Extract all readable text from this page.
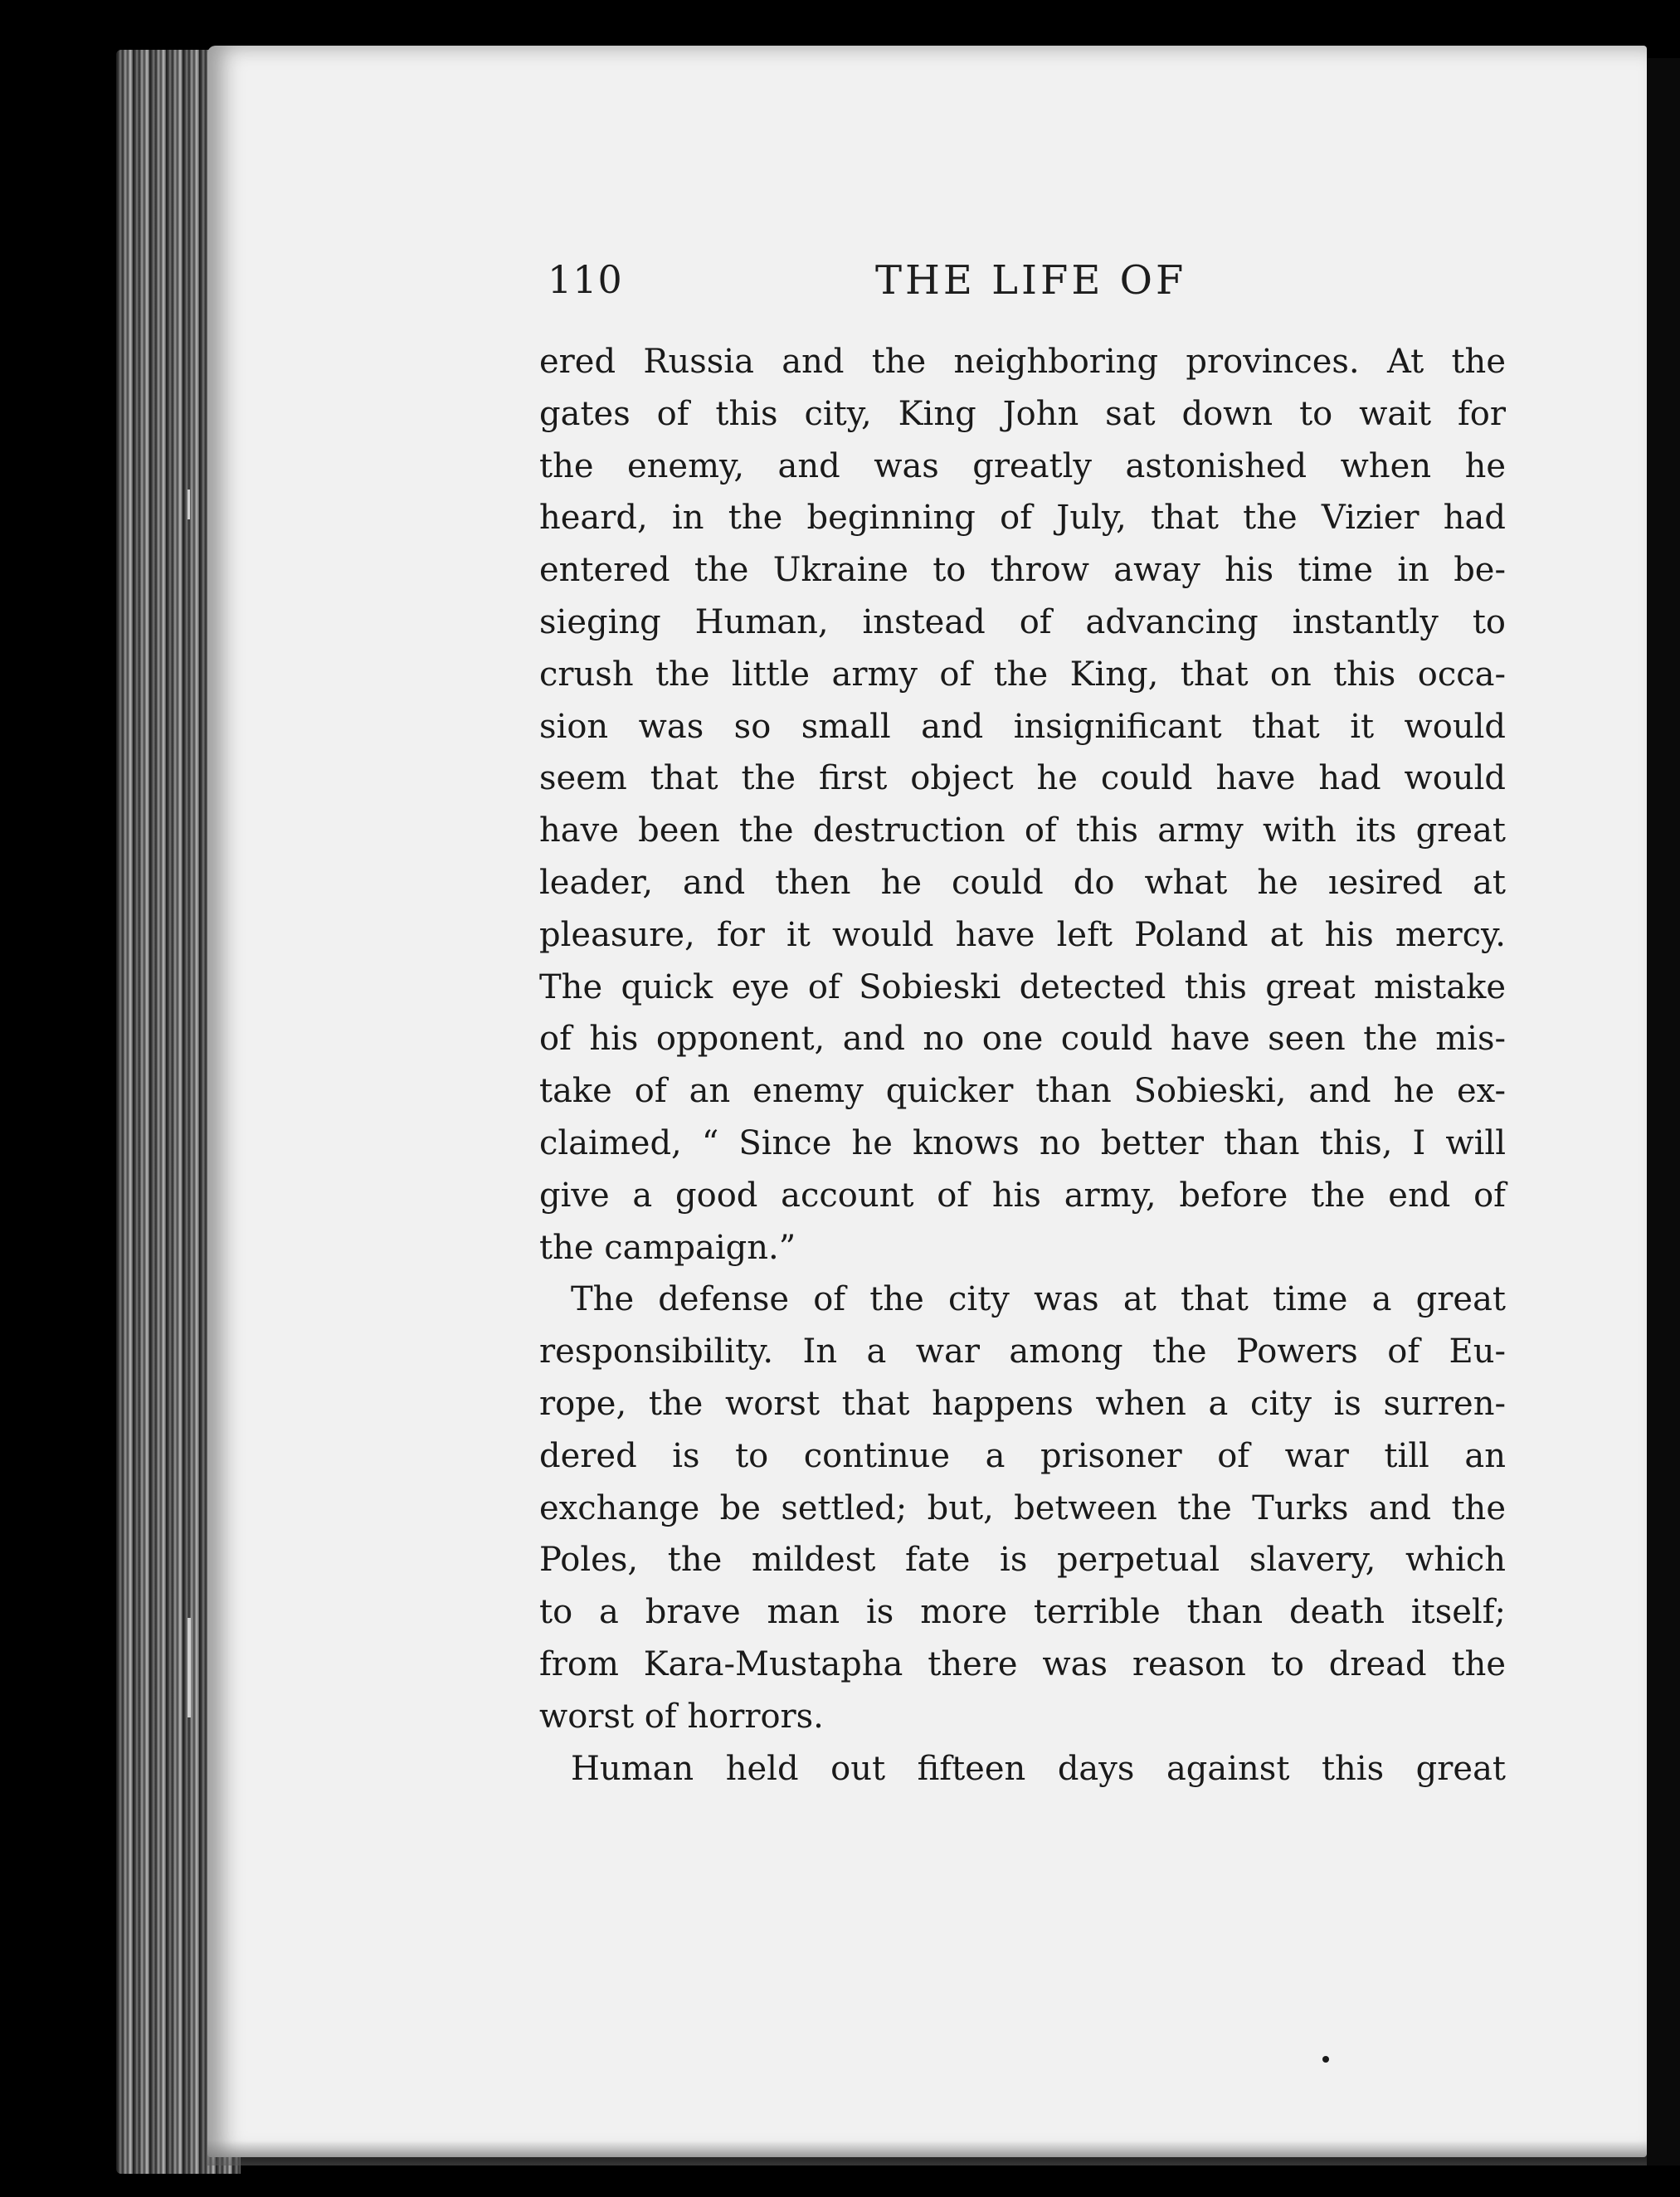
110	THE LIFE OF
ered Russia and the neighboring provinces. At the
gates of this city, King John sat down to wait for
the enemy, and was greatly astonished when he
heard, in the beginning of July, that the Vizier had
entered the Ukraine to throw away his time in be-
sieging Human, instead of advancing instantly to
crush the little army of the King, that on this occa-
sion was so small and insignificant that it would
seem that the first object he could have had would
have been the destruction of this army with its great
leader, and then he could do what he ıesired at
pleasure, for it would have left Poland at his mercy.
The quick eye of Sobieski detected this great mistake
of his opponent, and no one could have seen the mis-
take of an enemy quicker than Sobieski, and he ex-
claimed, “ Since he knows no better than this, I will
give a good account of his army, before the end of
the campaign.”
The defense of the city was at that time a great
responsibility. In a war among the Powers of Eu-
rope, the worst that happens when a city is surren-
dered is to continue a prisoner of war till an
exchange be settled; but, between the Turks and the
Poles, the mildest fate is perpetual slavery, which
to a brave man is more terrible than death itself;
from Kara-Mustapha there was reason to dread the
worst of horrors.
Human held out fifteen days against this great
